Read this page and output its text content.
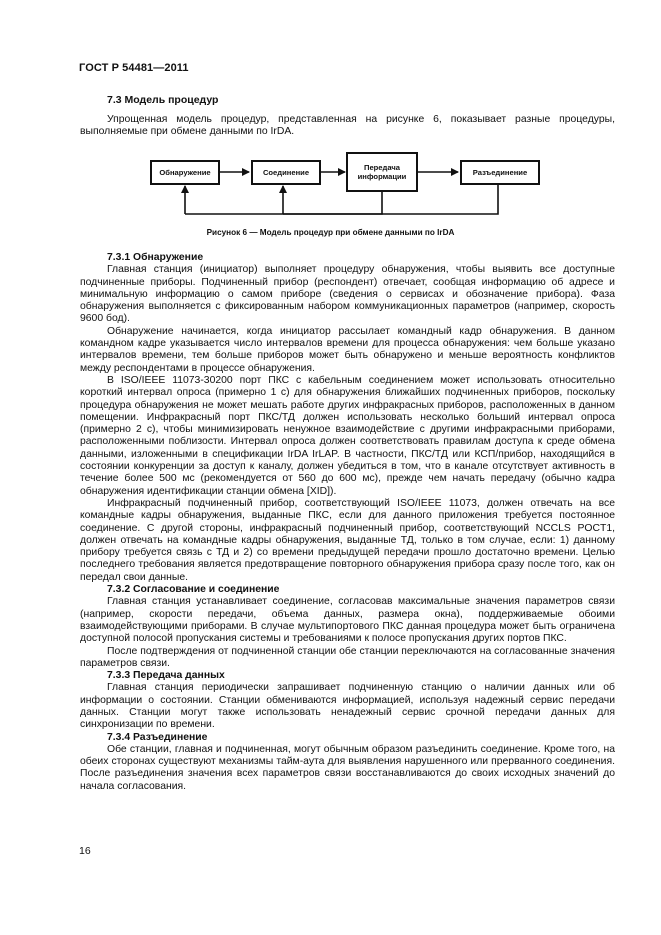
ГОСТ Р 54481—2011
7.3 Модель процедур

Упрощенная модель процедур, представленная на рисунке 6, показывает разные процедуры, выполняемые при обмене данными по IrDA.

Обнаружение	Соединение
Передача информации	Разъединение
Рисунок 6 — Модель процедур при обмене данными по IrDA

7.3.1 Обнаружение

Главная станция (инициатор) выполняет процедуру обнаружения, чтобы выявить все доступные подчиненные приборы. Подчиненный прибор (респондент) отвечает, сообщая информацию об адресе и минимальную информацию о самом приборе (сведения о сервисах и обозначение прибора). Фаза обнаружения выполняется с фиксированным набором коммуникационных параметров (например, скорость 9600 бод).

Обнаружение начинается, когда инициатор рассылает командный кадр обнаружения. В данном командном кадре указывается число интервалов времени для процесса обнаружения: чем больше указано интервалов времени, тем больше приборов может быть обнаружено и меньше вероятность конфликтов между респондентами в процессе обнаружения.

В ISO/IEEE 11073-30200 порт ПКС с кабельным соединением может использовать относительно короткий интервал опроса (примерно 1 с) для обнаружения ближайших подчиненных приборов, поскольку процедура обнаружения не может мешать работе других инфракрасных приборов, расположенных в данном помещении. Инфракрасный порт ПКС/ТД должен использовать несколько больший интервал опроса (примерно 2 с), чтобы минимизировать ненужное взаимодействие с другими инфракрасными приборами, расположенными поблизости. Интервал опроса должен соответствовать правилам доступа к среде обмена данными, изложенными в спецификации IrDA IrLAP. В частности, ПКС/ТД или КСП/прибор, находящийся в состоянии конкуренции за доступ к каналу, должен убедиться в том, что в канале отсутствует активность в течение более 500 мс (рекомендуется от 560 до 600 мс), прежде чем начать передачу (обычно кадра обнаружения идентификации станции обмена [XID]).

Инфракрасный подчиненный прибор, соответствующий ISO/IEEE 11073, должен отвечать на все командные кадры обнаружения, выданные ПКС, если для данного приложения требуется постоянное соединение. С другой стороны, инфракрасный подчиненный прибор, соответствующий NCCLS POCT1, должен отвечать на командные кадры обнаружения, выданные ТД, только в том случае, если: 1) данному прибору требуется связь с ТД и 2) со времени предыдущей передачи прошло достаточно времени. Целью последнего требования является предотвращение повторного обнаружения прибора сразу после того, как он передал свои данные.

7.3.2 Согласование и соединение

Главная станция устанавливает соединение, согласовав максимальные значения параметров связи (например, скорости передачи, объема данных, размера окна), поддерживаемые обоими взаимодействующими приборами. В случае мультипортового ПКС данная процедура может быть ограничена доступной полосой пропускания системы и требованиями к полосе пропускания других портов ПКС.

После подтверждения от подчиненной станции обе станции переключаются на согласованные значения параметров связи.

7.3.3 Передача данных

Главная станция периодически запрашивает подчиненную станцию о наличии данных или об информации о состоянии. Станции обмениваются информацией, используя надежный сервис передачи данных. Станции могут также использовать ненадежный сервис срочной передачи данных для синхронизации по времени.

7.3.4 Разъединение

Обе станции, главная и подчиненная, могут обычным образом разъединить соединение. Кроме того, на обеих сторонах существуют механизмы тайм-аута для выявления нарушенного или прерванного соединения. После разъединения значения всех параметров связи восстанавливаются до своих исходных значений до начала согласования.

16
